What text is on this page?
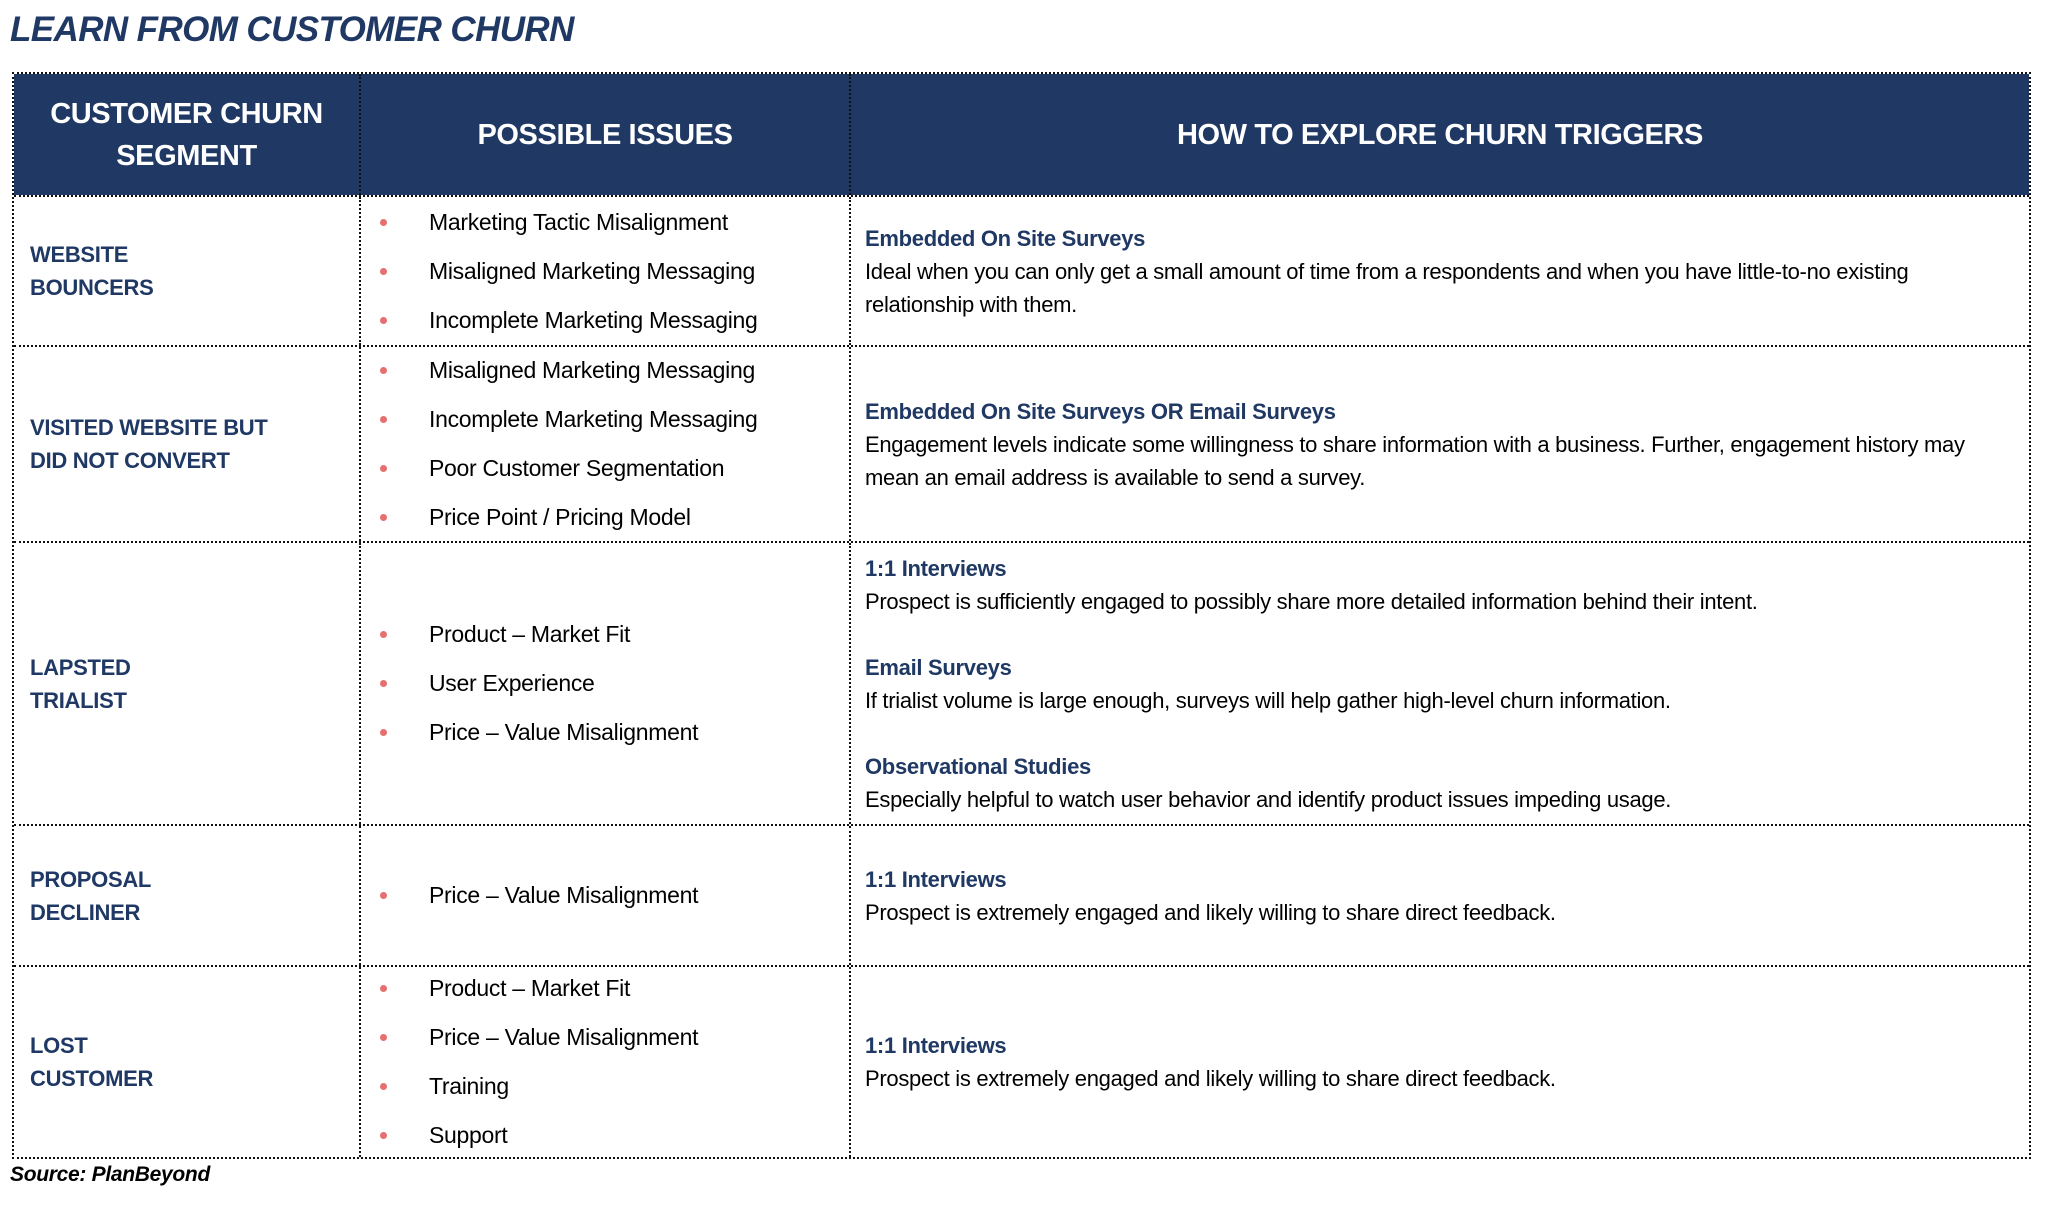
LEARN FROM CUSTOMER CHURN
CUSTOMER CHURN
SEGMENT
POSSIBLE ISSUES	HOW TO EXPLORE CHURN TRIGGERS
WEBSITE
BOUNCERS
Marketing Tactic Misalignment
Misaligned Marketing Messaging
Incomplete Marketing Messaging
Embedded On Site Surveys
Ideal when you can only get a small amount of time from a respondents and when you have little-to-no existing relationship with them.
VISITED WEBSITE BUT
DID NOT CONVERT
Misaligned Marketing Messaging
Incomplete Marketing Messaging
Poor Customer Segmentation
Price Point / Pricing Model
Embedded On Site Surveys OR Email Surveys
Engagement levels indicate some willingness to share information with a business. Further, engagement history may mean an email address is available to send a survey.
LAPSTED
TRIALIST
Product – Market Fit
User Experience
Price – Value Misalignment
1:1 Interviews
Prospect is sufficiently engaged to possibly share more detailed information behind their intent.
Email Surveys
If trialist volume is large enough, surveys will help gather high-level churn information.
Observational Studies
Especially helpful to watch user behavior and identify product issues impeding usage.
PROPOSAL
DECLINER
Price – Value Misalignment
1:1 Interviews
Prospect is extremely engaged and likely willing to share direct feedback.
LOST
CUSTOMER
Product – Market Fit
Price – Value Misalignment
Training
Support
1:1 Interviews
Prospect is extremely engaged and likely willing to share direct feedback.
Source: PlanBeyond
